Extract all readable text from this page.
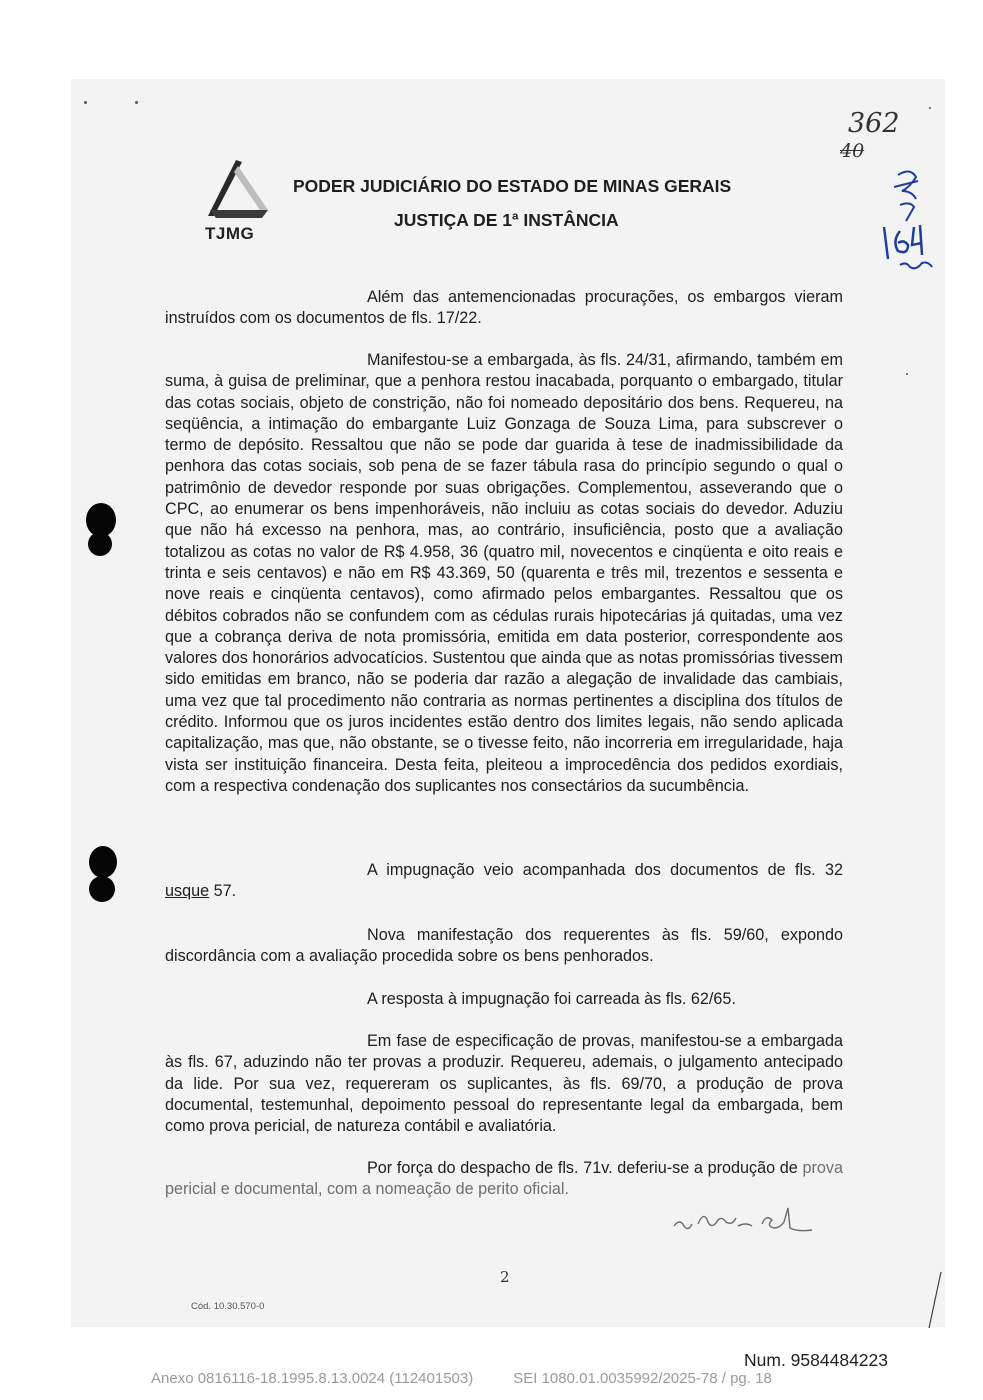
TJMG
PODER JUDICIÁRIO DO ESTADO DE MINAS GERAIS
JUSTIÇA DE 1ª INSTÂNCIA
362
40

Além das antemencionadas procurações, os embargos vieram instruídos com os documentos de fls. 17/22.

Manifestou-se a embargada, às fls. 24/31, afirmando, também em suma, à guisa de preliminar, que a penhora restou inacabada, porquanto o embargado, titular das cotas sociais, objeto de constrição, não foi nomeado depositário dos bens. Requereu, na seqüência, a intimação do embargante Luiz Gonzaga de Souza Lima, para subscrever o termo de depósito. Ressaltou que não se pode dar guarida à tese de inadmissibilidade da penhora das cotas sociais, sob pena de se fazer tábula rasa do princípio segundo o qual o patrimônio de devedor responde por suas obrigações. Complementou, asseverando que o CPC, ao enumerar os bens impenhoráveis, não incluiu as cotas sociais do devedor. Aduziu que não há excesso na penhora, mas, ao contrário, insuficiência, posto que a avaliação totalizou as cotas no valor de R$ 4.958, 36 (quatro mil, novecentos e cinqüenta e oito reais e trinta e seis centavos) e não em R$ 43.369, 50 (quarenta e três mil, trezentos e sessenta e nove reais e cinqüenta centavos), como afirmado pelos embargantes. Ressaltou que os débitos cobrados não se confundem com as cédulas rurais hipotecárias já quitadas, uma vez que a cobrança deriva de nota promissória, emitida em data posterior, correspondente aos valores dos honorários advocatícios. Sustentou que ainda que as notas promissórias tivessem sido emitidas em branco, não se poderia dar razão a alegação de invalidade das cambiais, uma vez que tal procedimento não contraria as normas pertinentes a disciplina dos títulos de crédito. Informou que os juros incidentes estão dentro dos limites legais, não sendo aplicada capitalização, mas que, não obstante, se o tivesse feito, não incorreria em irregularidade, haja vista ser instituição financeira. Desta feita, pleiteou a improcedência dos pedidos exordiais, com a respectiva condenação dos suplicantes nos consectários da sucumbência.

A impugnação veio acompanhada dos documentos de fls. 32 usque 57.

Nova manifestação dos requerentes às fls. 59/60, expondo discordância com a avaliação procedida sobre os bens penhorados.

A resposta à impugnação foi carreada às fls. 62/65.

Em fase de especificação de provas, manifestou-se a embargada às fls. 67, aduzindo não ter provas a produzir. Requereu, ademais, o julgamento antecipado da lide. Por sua vez, requereram os suplicantes, às fls. 69/70, a produção de prova documental, testemunhal, depoimento pessoal do representante legal da embargada, bem como prova pericial, de natureza contábil e avaliatória.

Por força do despacho de fls. 71v. deferiu-se a produção de prova pericial e documental, com a nomeação de perito oficial.

2
Cód. 10.30.570-0
Num. 9584484223
Anexo 0816116-18.1995.8.13.0024 (112401503)	SEI 1080.01.0035992/2025-78 / pg. 18
